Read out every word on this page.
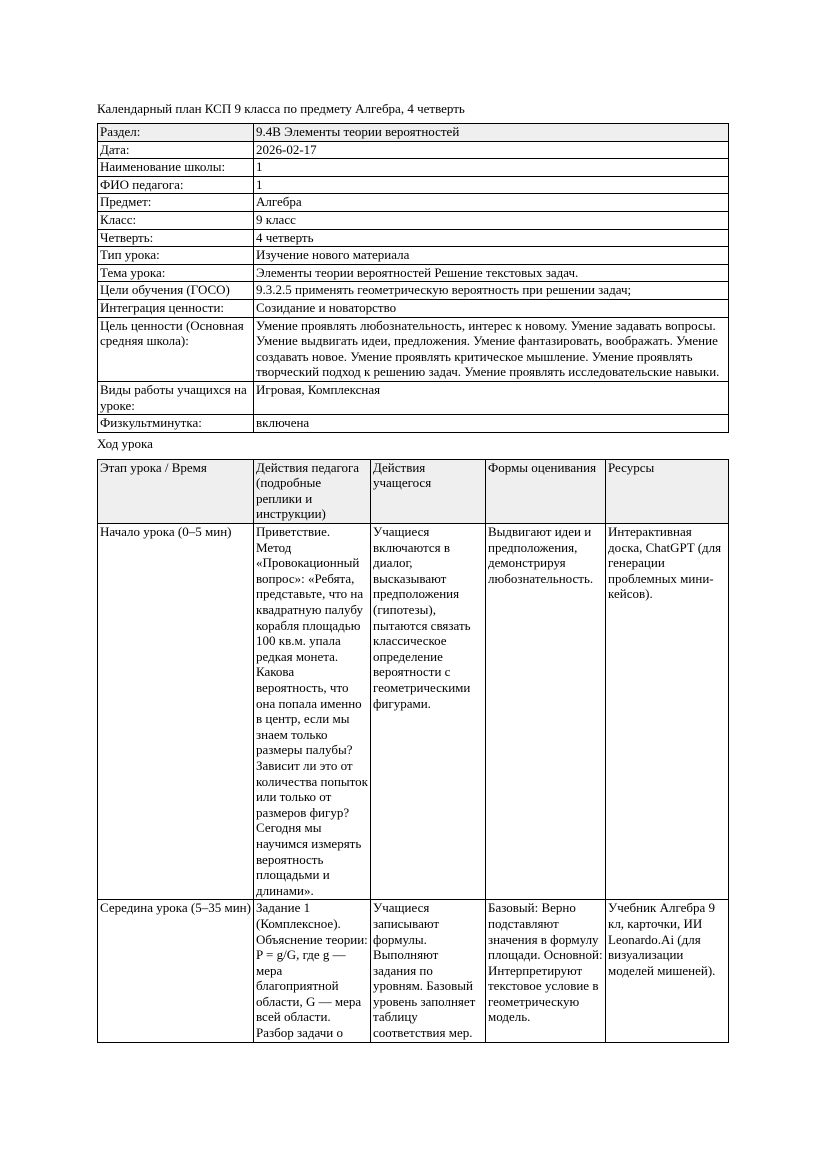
Календарный план КСП 9 класса по предмету Алгебра, 4 четверть

Раздел:	9.4B Элементы теории вероятностей
Дата:	2026-02-17
Наименование школы:	1
ФИО педагога:	1
Предмет:	Алгебра
Класс:	9 класс
Четверть:	4 четверть
Тип урока:	Изучение нового материала
Тема урока:	Элементы теории вероятностей Решение текстовых задач.
Цели обучения (ГОСО)	9.3.2.5 применять геометрическую вероятность при решении задач;
Интеграция ценности:	Созидание и новаторство
Цель ценности (Основная средняя школа):	Умение проявлять любознательность, интерес к новому. Умение задавать вопросы. Умение выдвигать идеи, предложения. Умение фантазировать, воображать. Умение создавать новое. Умение проявлять критическое мышление. Умение проявлять творческий подход к решению задач. Умение проявлять исследовательские навыки.
Виды работы учащихся на уроке:	Игровая, Комплексная
Физкультминутка:	включена

Ход урока

Этап урока / Время	Действия педагога (подробные реплики и инструкции)	Действия учащегося	Формы оценивания	Ресурсы
Начало урока (0–5 мин)	Приветствие. Метод «Провокационный вопрос»: «Ребята, представьте, что на квадратную палубу корабля площадью 100 кв.м. упала редкая монета. Какова вероятность, что она попала именно в центр, если мы знаем только размеры палубы? Зависит ли это от количества попыток или только от размеров фигур? Сегодня мы научимся измерять вероятность площадьми и длинами».	Учащиеся включаются в диалог, высказывают предположения (гипотезы), пытаются связать классическое определение вероятности с геометрическими фигурами.	Выдвигают идеи и предположения, демонстрируя любознательность.	Интерактивная доска, ChatGPT (для генерации проблемных мини-кейсов).
Середина урока (5–35 мин)	Задание 1 (Комплексное). Объяснение теории: P = g/G, где g — мера благоприятной области, G — мера всей области. Разбор задачи о	Учащиеся записывают формулы. Выполняют задания по уровням. Базовый уровень заполняет таблицу соответствия мер.	Базовый: Верно подставляют значения в формулу площади. Основной: Интерпретируют текстовое условие в геометрическую модель.	Учебник Алгебра 9 кл, карточки, ИИ Leonardo.Ai (для визуализации моделей мишеней).
